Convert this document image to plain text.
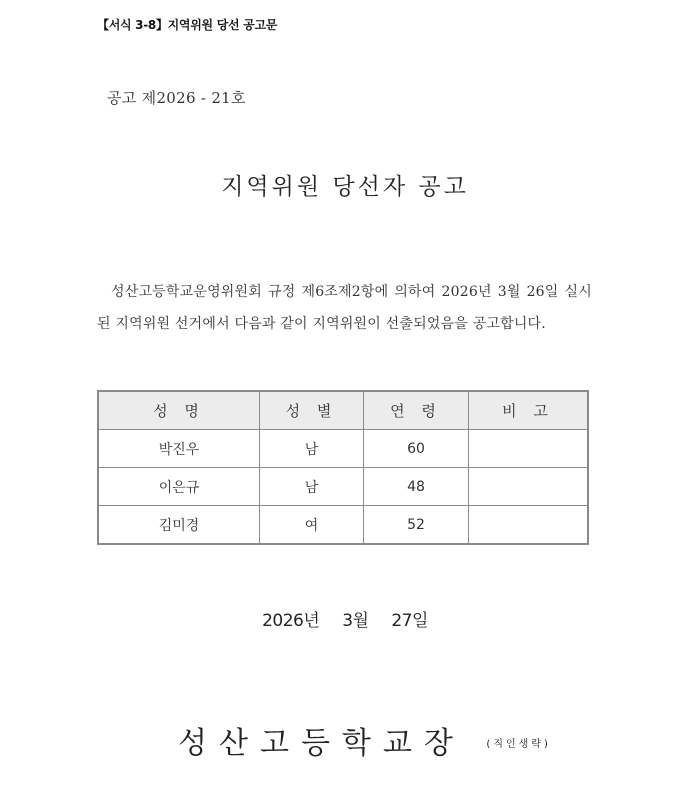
【서식 3-8】지역위원 당선 공고문
공고 제2026 - 21호
지역위원 당선자 공고
성산고등학교운영위원회 규정 제6조제2항에 의하여 2026년 3월 26일 실시된 지역위원 선거에서 다음과 같이 지역위원이 선출되었음을 공고합니다.
성 명	성 별	연 령	비 고
박진우	남	60	
이은규	남	48	
김미경	여	52	
2026년 3월 27일
성산고등학교장 (직인생략)
